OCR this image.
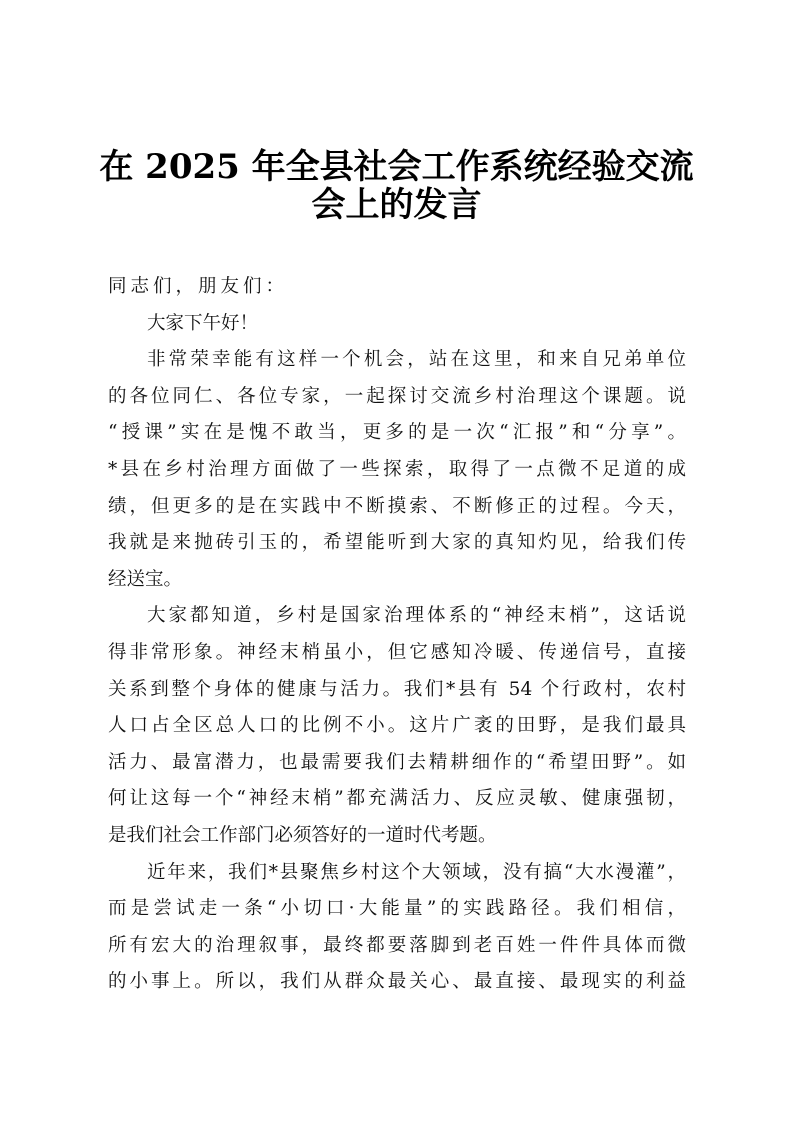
在 2025 年全县社会工作系统经验交流
会上的发言
同志们，朋友们：
大家下午好！
非常荣幸能有这样一个机会，站在这里，和来自兄弟单位
的各位同仁、各位专家，一起探讨交流乡村治理这个课题。说
“授课”实在是愧不敢当，更多的是一次“汇报”和“分享”。
*县在乡村治理方面做了一些探索，取得了一点微不足道的成
绩，但更多的是在实践中不断摸索、不断修正的过程。今天，
我就是来抛砖引玉的，希望能听到大家的真知灼见，给我们传
经送宝。
大家都知道，乡村是国家治理体系的“神经末梢”，这话说
得非常形象。神经末梢虽小，但它感知冷暖、传递信号，直接
关系到整个身体的健康与活力。我们*县有 54 个行政村，农村
人口占全区总人口的比例不小。这片广袤的田野，是我们最具
活力、最富潜力，也最需要我们去精耕细作的“希望田野”。如
何让这每一个“神经末梢”都充满活力、反应灵敏、健康强韧，
是我们社会工作部门必须答好的一道时代考题。
近年来，我们*县聚焦乡村这个大领域，没有搞“大水漫灌”，
而是尝试走一条“小切口·大能量”的实践路径。我们相信，
所有宏大的治理叙事，最终都要落脚到老百姓一件件具体而微
的小事上。所以，我们从群众最关心、最直接、最现实的利益
